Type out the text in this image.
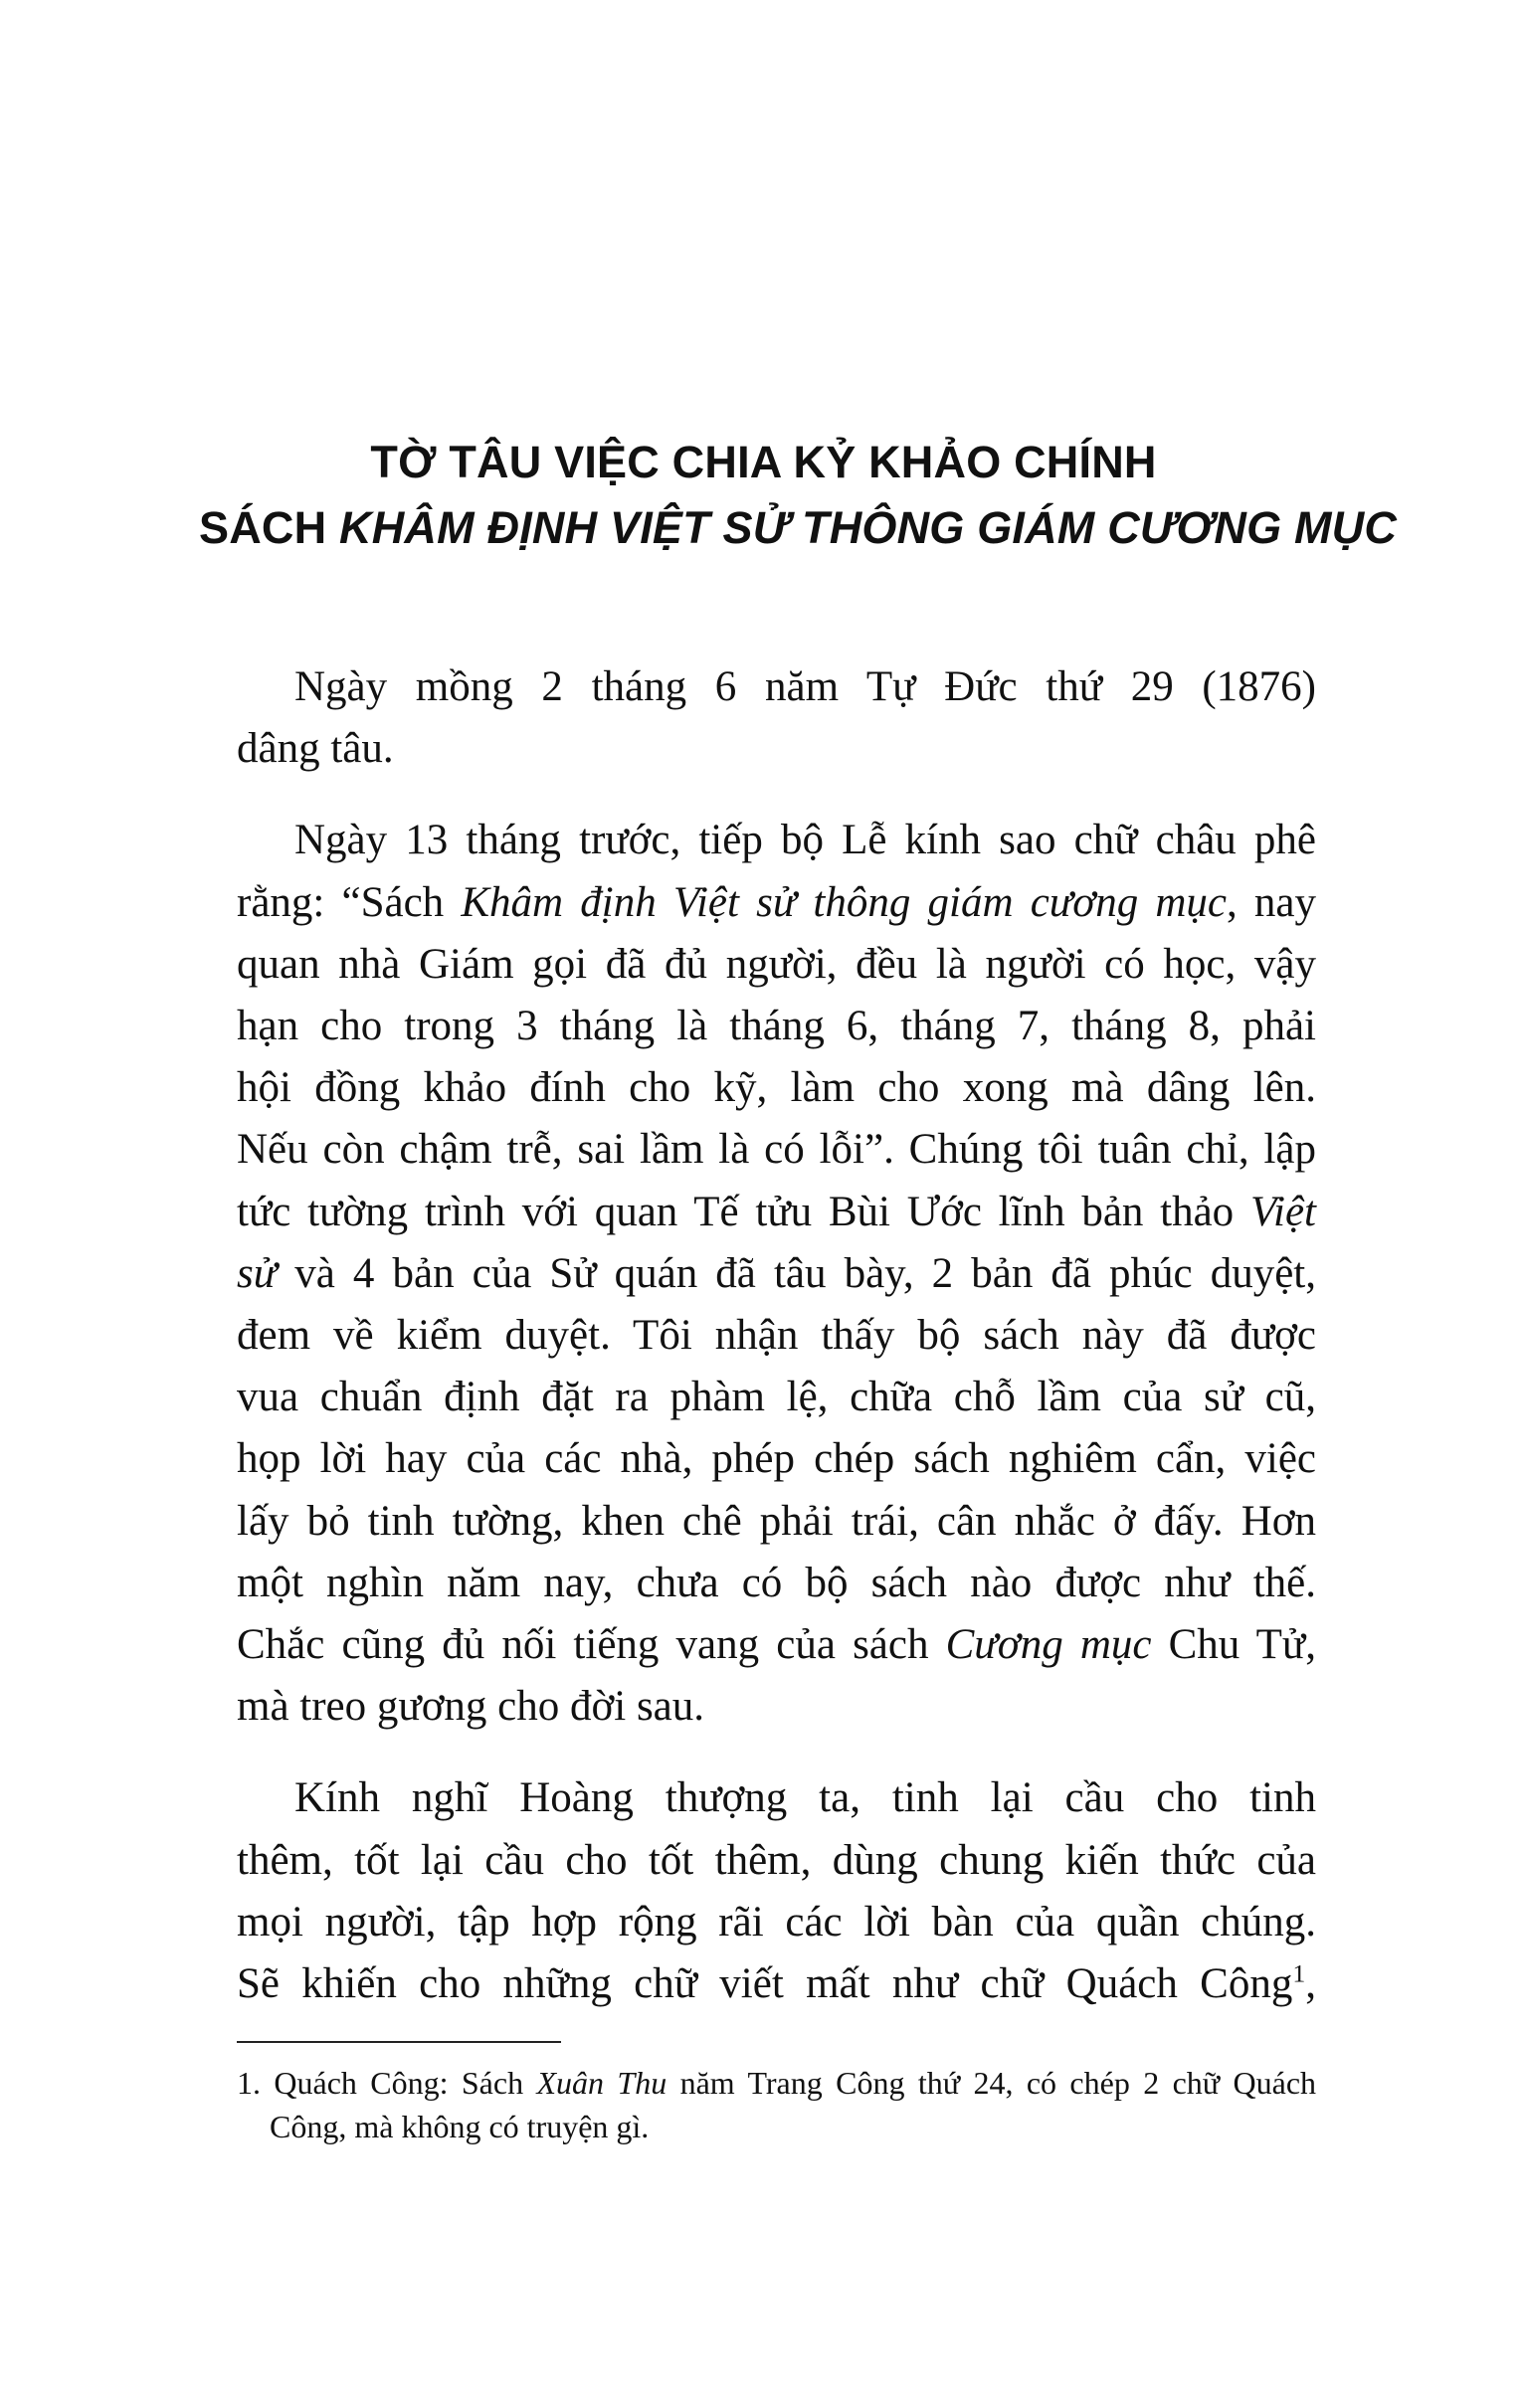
TỜ TÂU VIỆC CHIA KỶ KHẢO CHÍNH
SÁCH KHÂM ĐỊNH VIỆT SỬ THÔNG GIÁM CƯƠNG MỤC
Ngày mồng 2 tháng 6 năm Tự Đức thứ 29 (1876)
dâng tâu.
Ngày 13 tháng trước, tiếp bộ Lễ kính sao chữ châu phê
rằng: “Sách Khâm định Việt sử thông giám cương mục, nay
quan nhà Giám gọi đã đủ người, đều là người có học, vậy
hạn cho trong 3 tháng là tháng 6, tháng 7, tháng 8, phải
hội đồng khảo đính cho kỹ, làm cho xong mà dâng lên.
Nếu còn chậm trễ, sai lầm là có lỗi”. Chúng tôi tuân chỉ, lập
tức tường trình với quan Tế tửu Bùi Ước lĩnh bản thảo Việt
sử và 4 bản của Sử quán đã tâu bày, 2 bản đã phúc duyệt,
đem về kiểm duyệt. Tôi nhận thấy bộ sách này đã được
vua chuẩn định đặt ra phàm lệ, chữa chỗ lầm của sử cũ,
họp lời hay của các nhà, phép chép sách nghiêm cẩn, việc
lấy bỏ tinh tường, khen chê phải trái, cân nhắc ở đấy. Hơn
một nghìn năm nay, chưa có bộ sách nào được như thế.
Chắc cũng đủ nối tiếng vang của sách Cương mục Chu Tử,
mà treo gương cho đời sau.
Kính nghĩ Hoàng thượng ta, tinh lại cầu cho tinh
thêm, tốt lại cầu cho tốt thêm, dùng chung kiến thức của
mọi người, tập hợp rộng rãi các lời bàn của quần chúng.
Sẽ khiến cho những chữ viết mất như chữ Quách Công$^1$,
1. Quách Công: Sách Xuân Thu năm Trang Công thứ 24, có chép 2 chữ Quách
Công, mà không có truyện gì.
